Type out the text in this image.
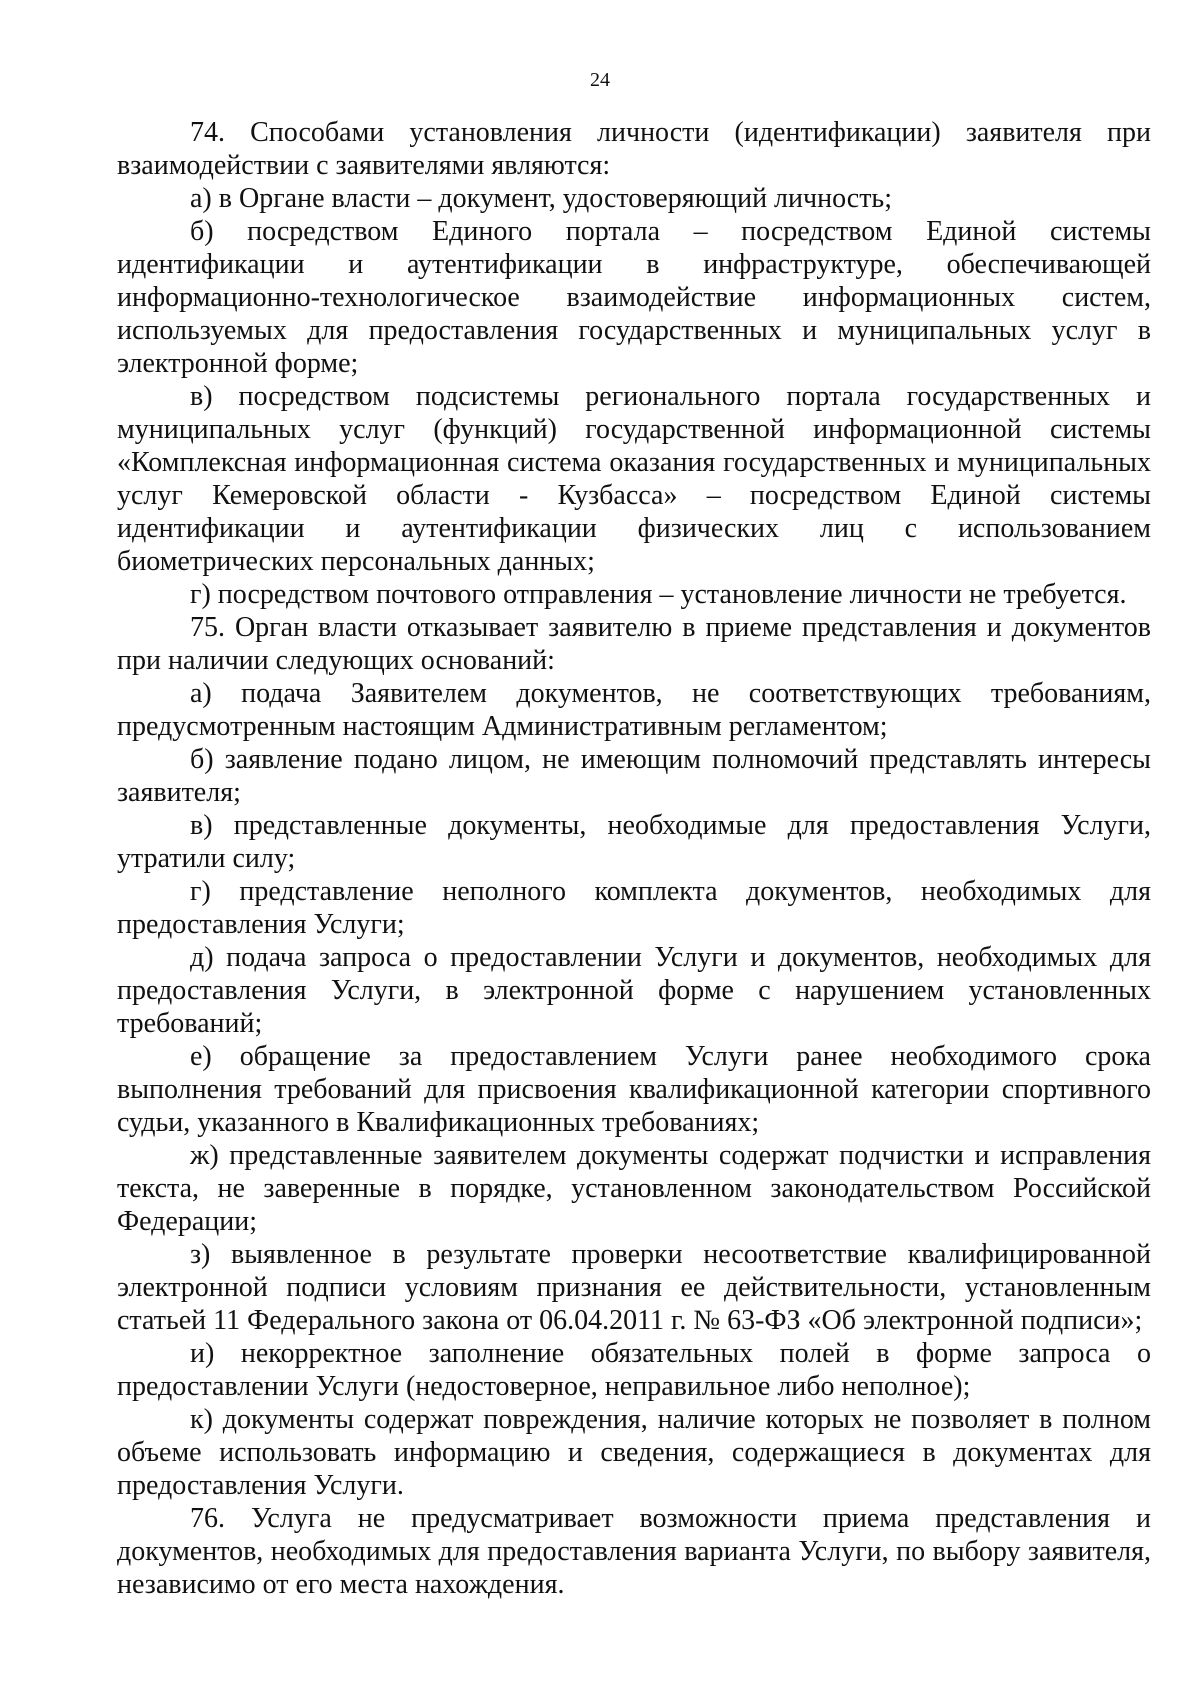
24

74. Способами установления личности (идентификации) заявителя при взаимодействии с заявителями являются:

а) в Органе власти – документ, удостоверяющий личность;

б) посредством Единого портала – посредством Единой системы идентификации и аутентификации в инфраструктуре, обеспечивающей информационно-технологическое взаимодействие информационных систем, используемых для предоставления государственных и муниципальных услуг в электронной форме;

в) посредством подсистемы регионального портала государственных и муниципальных услуг (функций) государственной информационной системы «Комплексная информационная система оказания государственных и муниципальных услуг Кемеровской области - Кузбасса» – посредством Единой системы идентификации и аутентификации физических лиц с использованием биометрических персональных данных;

г) посредством почтового отправления – установление личности не требуется.

75. Орган власти отказывает заявителю в приеме представления и документов при наличии следующих оснований:

а) подача Заявителем документов, не соответствующих требованиям, предусмотренным настоящим Административным регламентом;

б) заявление подано лицом, не имеющим полномочий представлять интересы заявителя;

в) представленные документы, необходимые для предоставления Услуги, утратили силу;

г) представление неполного комплекта документов, необходимых для предоставления Услуги;

д) подача запроса о предоставлении Услуги и документов, необходимых для предоставления Услуги, в электронной форме с нарушением установленных требований;

е) обращение за предоставлением Услуги ранее необходимого срока выполнения требований для присвоения квалификационной категории спортивного судьи, указанного в Квалификационных требованиях;

ж) представленные заявителем документы содержат подчистки и исправления текста, не заверенные в порядке, установленном законодательством Российской Федерации;

з) выявленное в результате проверки несоответствие квалифицированной электронной подписи условиям признания ее действительности, установленным статьей 11 Федерального закона от 06.04.2011 г. № 63-ФЗ «Об электронной подписи»;

и) некорректное заполнение обязательных полей в форме запроса о предоставлении Услуги (недостоверное, неправильное либо неполное);

к) документы содержат повреждения, наличие которых не позволяет в полном объеме использовать информацию и сведения, содержащиеся в документах для предоставления Услуги.

76. Услуга не предусматривает возможности приема представления и документов, необходимых для предоставления варианта Услуги, по выбору заявителя, независимо от его места нахождения.
